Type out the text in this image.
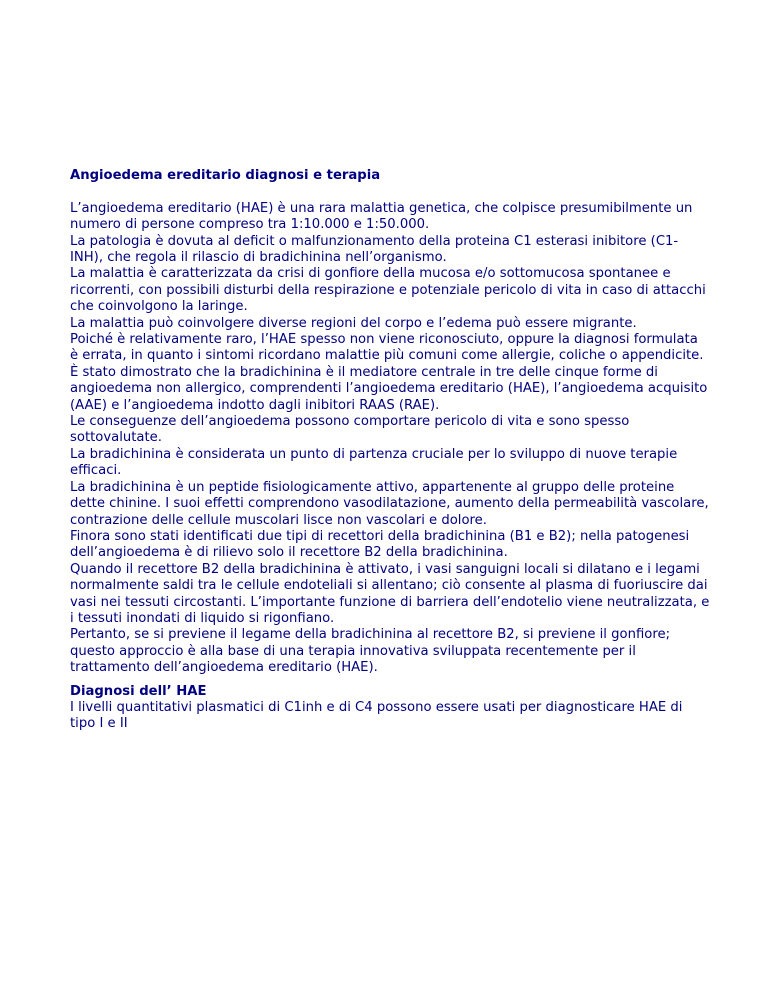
Angioedema ereditario diagnosi e terapia

L’angioedema ereditario (HAE) è una rara malattia genetica, che colpisce presumibilmente un numero di persone compreso tra 1:10.000 e 1:50.000.

La patologia è dovuta al deficit o malfunzionamento della proteina C1 esterasi inibitore (C1-INH), che regola il rilascio di bradichinina nell’organismo.

La malattia è caratterizzata da crisi di gonfiore della mucosa e/o sottomucosa spontanee e ricorrenti, con possibili disturbi della respirazione e potenziale pericolo di vita in caso di attacchi che coinvolgono la laringe.

La malattia può coinvolgere diverse regioni del corpo e l’edema può essere migrante.

Poiché è relativamente raro, l’HAE spesso non viene riconosciuto, oppure la diagnosi formulata è errata, in quanto i sintomi ricordano malattie più comuni come allergie, coliche o appendicite.

È stato dimostrato che la bradichinina è il mediatore centrale in tre delle cinque forme di angioedema non allergico, comprendenti l’angioedema ereditario (HAE), l’angioedema acquisito (AAE) e l’angioedema indotto dagli inibitori RAAS (RAE).

Le conseguenze dell’angioedema possono comportare pericolo di vita e sono spesso sottovalutate.

La bradichinina è considerata un punto di partenza cruciale per lo sviluppo di nuove terapie efficaci.

La bradichinina è un peptide fisiologicamente attivo, appartenente al gruppo delle proteine dette chinine. I suoi effetti comprendono vasodilatazione, aumento della permeabilità vascolare, contrazione delle cellule muscolari lisce non vascolari e dolore.

Finora sono stati identificati due tipi di recettori della bradichinina (B1 e B2); nella patogenesi dell’angioedema è di rilievo solo il recettore B2 della bradichinina.

Quando il recettore B2 della bradichinina è attivato, i vasi sanguigni locali si dilatano e i legami normalmente saldi tra le cellule endoteliali si allentano; ciò consente al plasma di fuoriuscire dai vasi nei tessuti circostanti. L’importante funzione di barriera dell’endotelio viene neutralizzata, e i tessuti inondati di liquido si rigonfiano.

Pertanto, se si previene il legame della bradichinina al recettore B2, si previene il gonfiore; questo approccio è alla base di una terapia innovativa sviluppata recentemente per il trattamento dell’angioedema ereditario (HAE).

Diagnosi dell’ HAE

I livelli quantitativi plasmatici di C1inh e di C4 possono essere usati per diagnosticare HAE di tipo I e II
